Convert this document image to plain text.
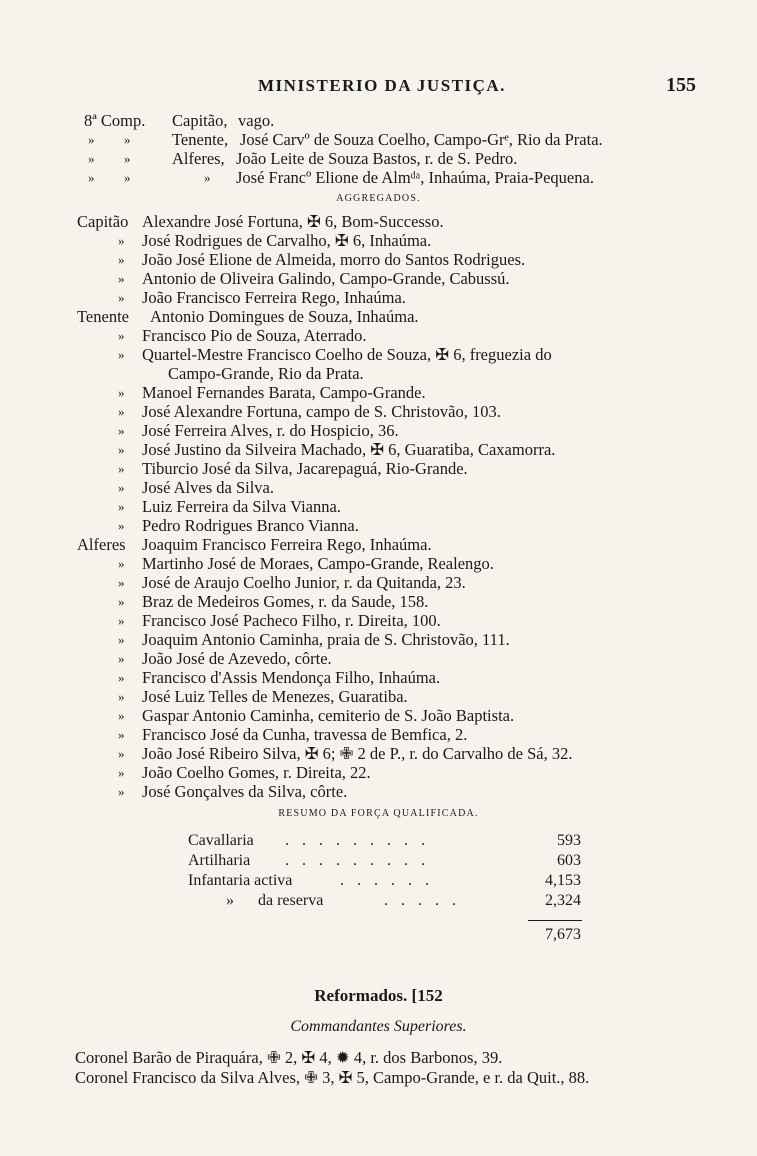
MINISTERIO DA JUSTIÇA.	155
8ª Comp. Capitão, vago.
» »	Tenente, José Carvº de Souza Coelho, Campo-Grᵉ, Rio da Prata.
» »	Alferes, João Leite de Souza Bastos, r. de S. Pedro.
» »	» José Francº Elione de Almᵈᵃ, Inhaúma, Praia-Pequena.
AGGREGADOS.
Capitão Alexandre José Fortuna, ✠ 6, Bom-Successo.
» José Rodrigues de Carvalho, ✠ 6, Inhaúma.
» João José Elione de Almeida, morro do Santos Rodrigues.
» Antonio de Oliveira Galindo, Campo-Grande, Cabussú.
» João Francisco Ferreira Rego, Inhaúma.
Tenente Antonio Domingues de Souza, Inhaúma.
» Francisco Pio de Souza, Aterrado.
» Quartel-Mestre Francisco Coelho de Souza, ✠ 6, freguezia do
Campo-Grande, Rio da Prata.
» Manoel Fernandes Barata, Campo-Grande.
» José Alexandre Fortuna, campo de S. Christovão, 103.
» José Ferreira Alves, r. do Hospicio, 36.
» José Justino da Silveira Machado, ✠ 6, Guaratiba, Caxamorra.
» Tiburcio José da Silva, Jacarepaguá, Rio-Grande.
» José Alves da Silva.
» Luiz Ferreira da Silva Vianna.
» Pedro Rodrigues Branco Vianna.
Alferes Joaquim Francisco Ferreira Rego, Inhaúma.
» Martinho José de Moraes, Campo-Grande, Realengo.
» José de Araujo Coelho Junior, r. da Quitanda, 23.
» Braz de Medeiros Gomes, r. da Saude, 158.
» Francisco José Pacheco Filho, r. Direita, 100.
» Joaquim Antonio Caminha, praia de S. Christovão, 111.
» João José de Azevedo, côrte.
» Francisco d'Assis Mendonça Filho, Inhaúma.
» José Luiz Telles de Menezes, Guaratiba.
» Gaspar Antonio Caminha, cemiterio de S. João Baptista.
» Francisco José da Cunha, travessa de Bemfica, 2.
» João José Ribeiro Silva, ✠ 6; ✙ 2 de P., r. do Carvalho de Sá, 32.
» João Coelho Gomes, r. Direita, 22.
» José Gonçalves da Silva, côrte.
RESUMO DA FORÇA QUALIFICADA.
Cavallaria .........	593
Artilharia .........	603
Infantaria activa	......	4,153
»      da reserva	.....	2,324
7,673
Reformados. [152
Commandantes Superiores.
Coronel Barão de Piraquára, ✙ 2, ✠ 4, ✹ 4, r. dos Barbonos, 39.
Coronel Francisco da Silva Alves, ✙ 3, ✠ 5, Campo-Grande, e r. da Quit., 88.
